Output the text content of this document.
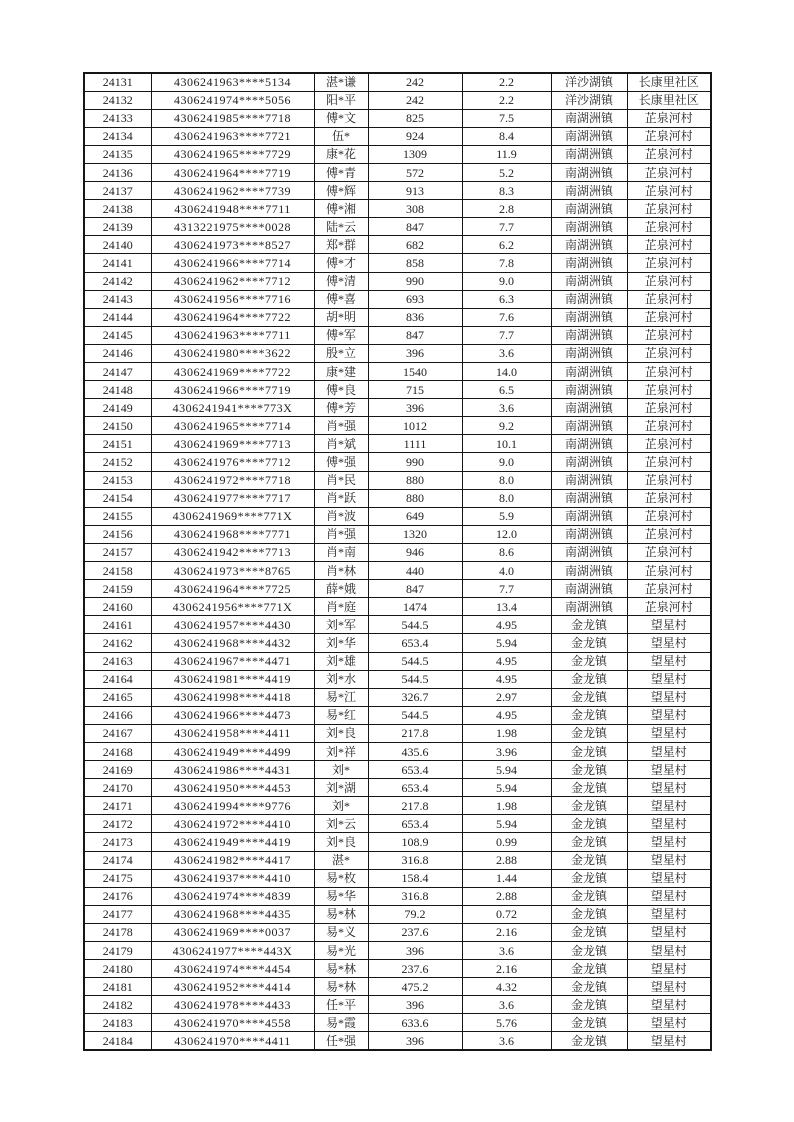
24131	4306241963****5134	湛*谦	242	2.2	洋沙湖镇	长康里社区
24132	4306241974****5056	阳*平	242	2.2	洋沙湖镇	长康里社区
24133	4306241985****7718	傅*文	825	7.5	南湖洲镇	芷泉河村
24134	4306241963****7721	伍*	924	8.4	南湖洲镇	芷泉河村
24135	4306241965****7729	康*花	1309	11.9	南湖洲镇	芷泉河村
24136	4306241964****7719	傅*青	572	5.2	南湖洲镇	芷泉河村
24137	4306241962****7739	傅*辉	913	8.3	南湖洲镇	芷泉河村
24138	4306241948****7711	傅*湘	308	2.8	南湖洲镇	芷泉河村
24139	4313221975****0028	陆*云	847	7.7	南湖洲镇	芷泉河村
24140	4306241973****8527	郑*群	682	6.2	南湖洲镇	芷泉河村
24141	4306241966****7714	傅*才	858	7.8	南湖洲镇	芷泉河村
24142	4306241962****7712	傅*清	990	9.0	南湖洲镇	芷泉河村
24143	4306241956****7716	傅*喜	693	6.3	南湖洲镇	芷泉河村
24144	4306241964****7722	胡*明	836	7.6	南湖洲镇	芷泉河村
24145	4306241963****7711	傅*军	847	7.7	南湖洲镇	芷泉河村
24146	4306241980****3622	殷*立	396	3.6	南湖洲镇	芷泉河村
24147	4306241969****7722	康*建	1540	14.0	南湖洲镇	芷泉河村
24148	4306241966****7719	傅*良	715	6.5	南湖洲镇	芷泉河村
24149	4306241941****773X	傅*芳	396	3.6	南湖洲镇	芷泉河村
24150	4306241965****7714	肖*强	1012	9.2	南湖洲镇	芷泉河村
24151	4306241969****7713	肖*斌	1111	10.1	南湖洲镇	芷泉河村
24152	4306241976****7712	傅*强	990	9.0	南湖洲镇	芷泉河村
24153	4306241972****7718	肖*民	880	8.0	南湖洲镇	芷泉河村
24154	4306241977****7717	肖*跃	880	8.0	南湖洲镇	芷泉河村
24155	4306241969****771X	肖*波	649	5.9	南湖洲镇	芷泉河村
24156	4306241968****7771	肖*强	1320	12.0	南湖洲镇	芷泉河村
24157	4306241942****7713	肖*南	946	8.6	南湖洲镇	芷泉河村
24158	4306241973****8765	肖*林	440	4.0	南湖洲镇	芷泉河村
24159	4306241964****7725	薛*娥	847	7.7	南湖洲镇	芷泉河村
24160	4306241956****771X	肖*庭	1474	13.4	南湖洲镇	芷泉河村
24161	4306241957****4430	刘*军	544.5	4.95	金龙镇	望星村
24162	4306241968****4432	刘*华	653.4	5.94	金龙镇	望星村
24163	4306241967****4471	刘*雄	544.5	4.95	金龙镇	望星村
24164	4306241981****4419	刘*水	544.5	4.95	金龙镇	望星村
24165	4306241998****4418	易*江	326.7	2.97	金龙镇	望星村
24166	4306241966****4473	易*红	544.5	4.95	金龙镇	望星村
24167	4306241958****4411	刘*良	217.8	1.98	金龙镇	望星村
24168	4306241949****4499	刘*祥	435.6	3.96	金龙镇	望星村
24169	4306241986****4431	刘*	653.4	5.94	金龙镇	望星村
24170	4306241950****4453	刘*湖	653.4	5.94	金龙镇	望星村
24171	4306241994****9776	刘*	217.8	1.98	金龙镇	望星村
24172	4306241972****4410	刘*云	653.4	5.94	金龙镇	望星村
24173	4306241949****4419	刘*良	108.9	0.99	金龙镇	望星村
24174	4306241982****4417	湛*	316.8	2.88	金龙镇	望星村
24175	4306241937****4410	易*枚	158.4	1.44	金龙镇	望星村
24176	4306241974****4839	易*华	316.8	2.88	金龙镇	望星村
24177	4306241968****4435	易*林	79.2	0.72	金龙镇	望星村
24178	4306241969****0037	易*义	237.6	2.16	金龙镇	望星村
24179	4306241977****443X	易*光	396	3.6	金龙镇	望星村
24180	4306241974****4454	易*林	237.6	2.16	金龙镇	望星村
24181	4306241952****4414	易*林	475.2	4.32	金龙镇	望星村
24182	4306241978****4433	任*平	396	3.6	金龙镇	望星村
24183	4306241970****4558	易*霞	633.6	5.76	金龙镇	望星村
24184	4306241970****4411	任*强	396	3.6	金龙镇	望星村
